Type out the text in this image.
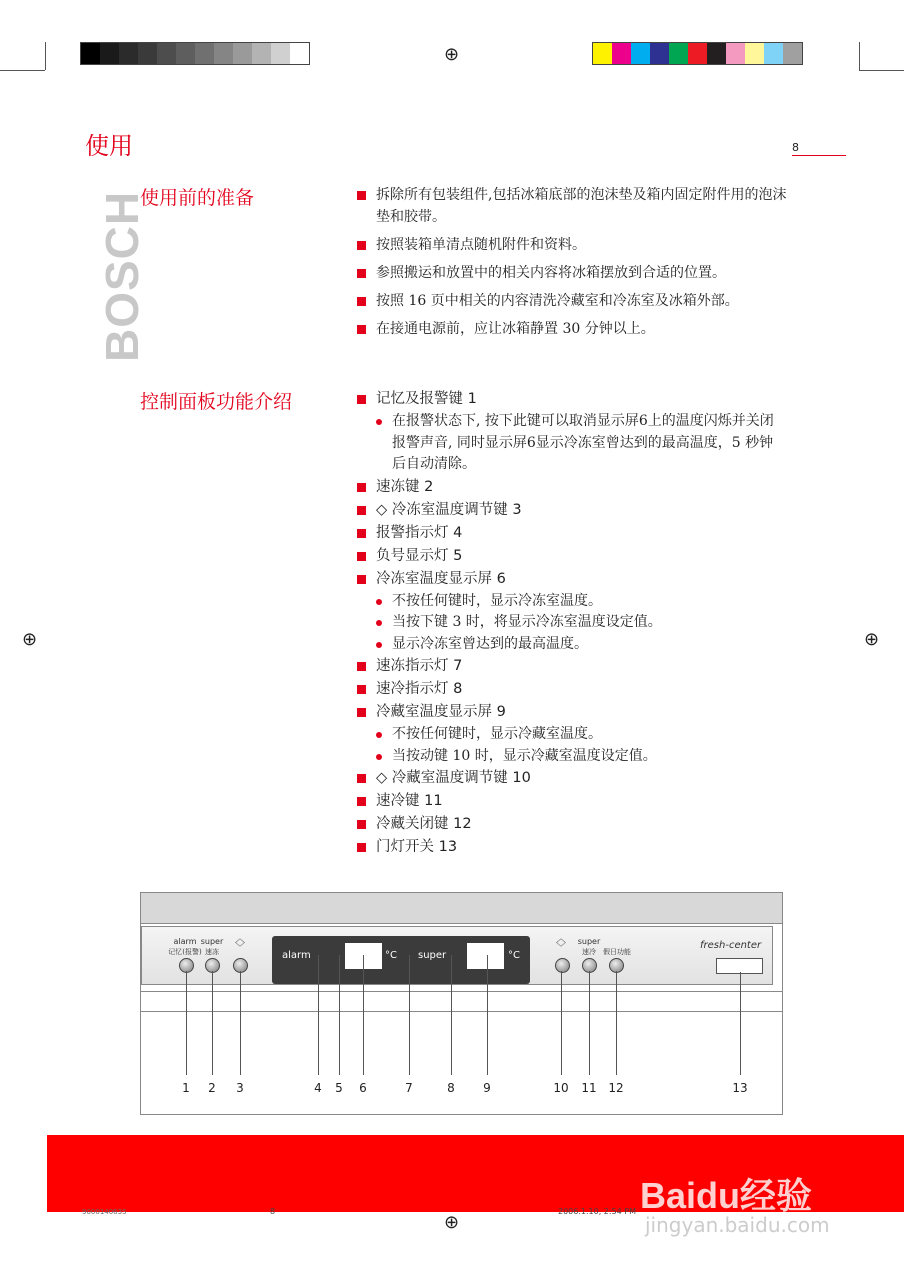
⊕
⊕	⊕
使用	8
BOSCH
使用前的准备	拆除所有包装组件,包括冰箱底部的泡沫垫及箱内固定附件用的泡沫垫和胶带。
按照装箱单清点随机附件和资料。
参照搬运和放置中的相关内容将冰箱摆放到合适的位置。
按照 16 页中相关的内容清洗冷藏室和冷冻室及冰箱外部。
在接通电源前，应让冰箱静置 30 分钟以上。
控制面板功能介绍	记忆及报警键 1
在报警状态下, 按下此键可以取消显示屏6上的温度闪烁并关闭报警声音, 同时显示屏6显示冷冻室曾达到的最高温度，5 秒钟后自动清除。
速冻键 2
◇ 冷冻室温度调节键 3
报警指示灯 4
负号显示灯 5
冷冻室温度显示屏 6
不按任何键时，显示冷冻室温度。
当按下键 3 时，将显示冷冻室温度设定值。
显示冷冻室曾达到的最高温度。
速冻指示灯 7
速冷指示灯 8
冷藏室温度显示屏 9
不按任何键时，显示冷藏室温度。
当按动键 10 时，显示冷藏室温度设定值。
◇ 冷藏室温度调节键 10
速冷键 11
冷藏关闭键 12
门灯开关 13
alarm
记忆(报警)
super
速冻
︿
﹀
alarm	°C super	°C
︿
﹀
super
速冷	假日功能
fresh-center
1	2	3	4	5	6	7	8	9	10 11 12	13
Baidu经验
jingyan.baidu.com
9000140635	8	2006.1.10, 2:54 PM
⊕
